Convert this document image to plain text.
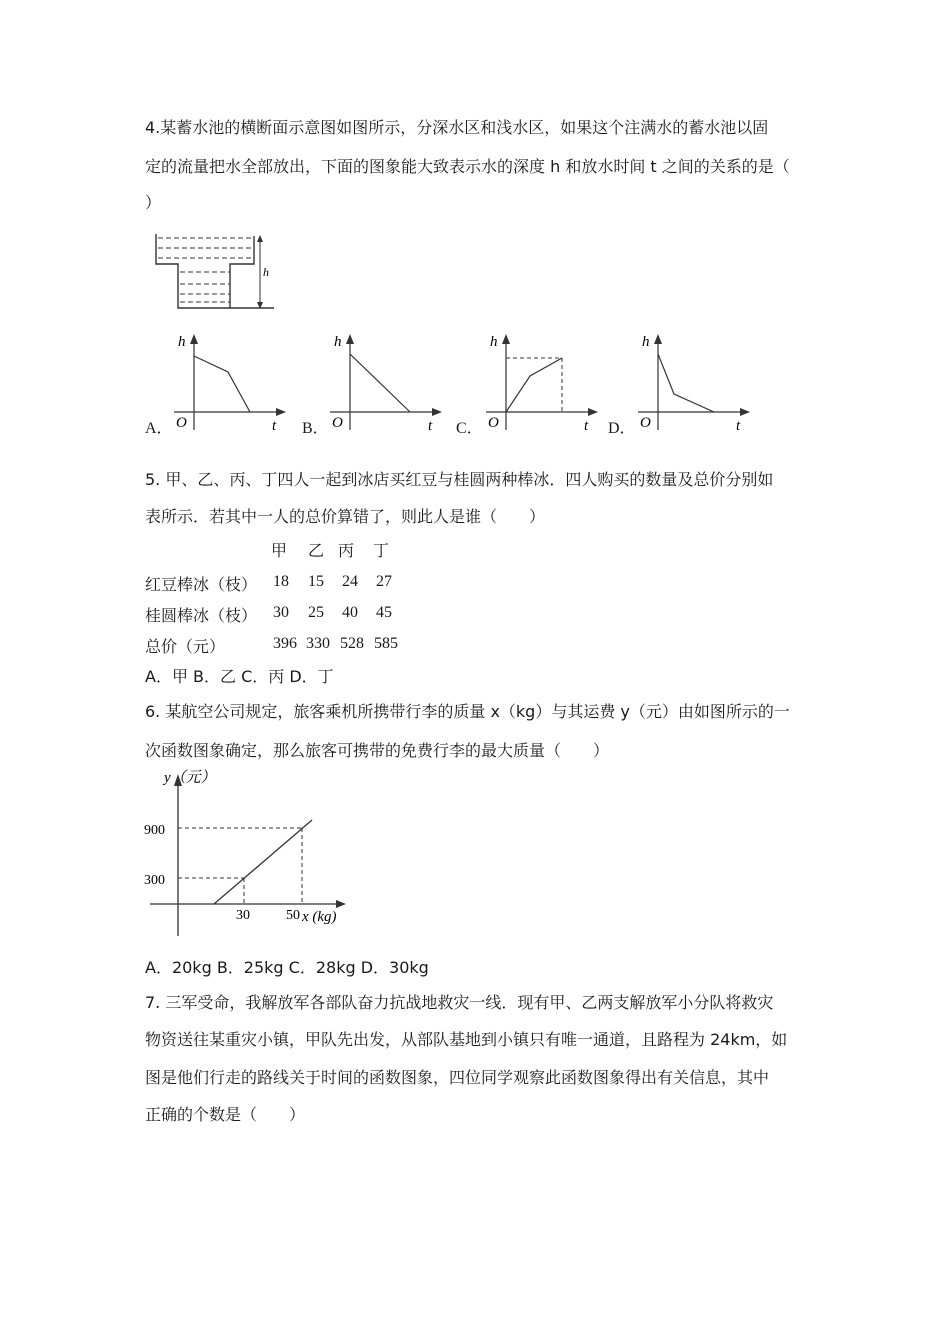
4.某蓄水池的横断面示意图如图所示，分深水区和浅水区，如果这个注满水的蓄水池以固
定的流量把水全部放出，下面的图象能大致表示水的深度 h 和放水时间 t 之间的关系的是（
）
h
A．	B．	C．	D．
h
O	t
h
O	t
h
O	t
h
O	t
5. 甲、乙、丙、丁四人一起到冰店买红豆与桂圆两种棒冰．四人购买的数量及总价分别如
表所示．若其中一人的总价算错了，则此人是谁（　　）
甲 乙 丙 丁
红豆棒冰（枝） 18 15 24 27
桂圆棒冰（枝） 30 25 40 45
总价（元）	396 330 528 585
A．甲 B．乙 C．丙 D．丁
6. 某航空公司规定，旅客乘机所携带行李的质量 x（kg）与其运费 y（元）由如图所示的一
次函数图象确定，那么旅客可携带的免费行李的最大质量（　　）
y（元）
900
300
30	50 x (kg)
A．20kg B．25kg C．28kg D．30kg
7. 三军受命，我解放军各部队奋力抗战地救灾一线．现有甲、乙两支解放军小分队将救灾
物资送往某重灾小镇，甲队先出发，从部队基地到小镇只有唯一通道，且路程为 24km，如
图是他们行走的路线关于时间的函数图象，四位同学观察此函数图象得出有关信息，其中
正确的个数是（　　）
